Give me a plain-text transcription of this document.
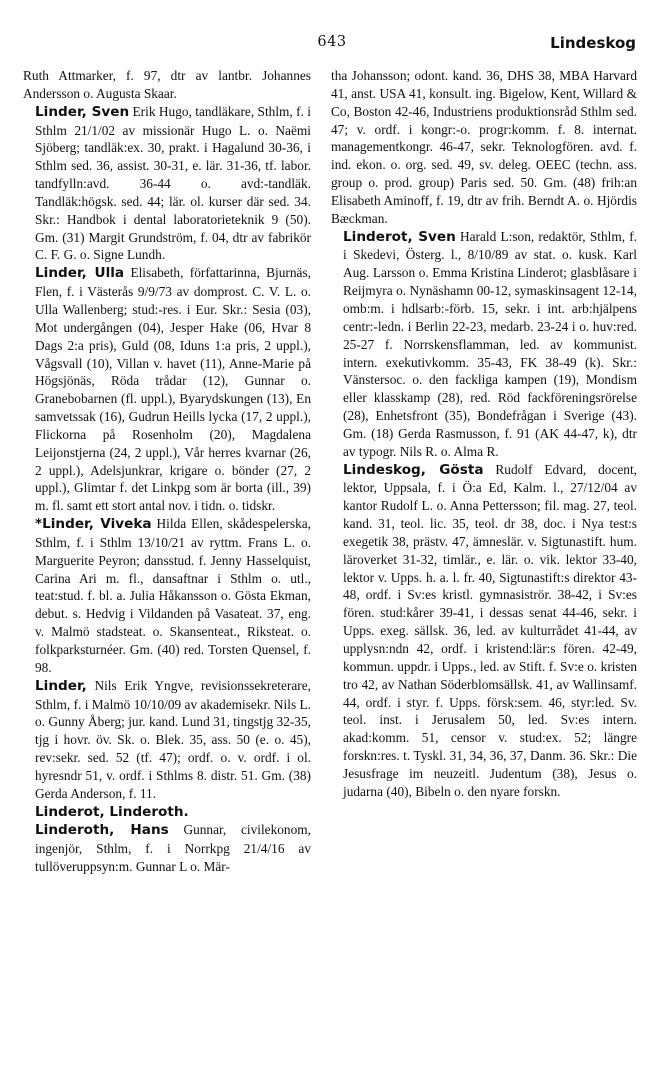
643	Lindeskog

Ruth Attmarker, f. 97, dtr av lantbr. Johannes Andersson o. Augusta Skaar.

Linder, Sven Erik Hugo, tandläkare, Sthlm, f. i Sthlm 21/1/02 av missionär Hugo L. o. Naëmi Sjöberg; tandläk:ex. 30, prakt. i Hagalund 30-36, i Sthlm sed. 36, assist. 30-31, e. lär. 31-36, tf. labor. tandfylln:avd. 36-44 o. avd:-tandläk. Tandläk:högsk. sed. 44; lär. ol. kurser där sed. 34. Skr.: Handbok i dental laboratorieteknik 9 (50). Gm. (31) Margit Grundström, f. 04, dtr av fabrikör C. F. G. o. Signe Lundh.

Linder, Ulla Elisabeth, författarinna, Bjurnäs, Flen, f. i Västerås 9/9/73 av domprost. C. V. L. o. Ulla Wallenberg; stud:-res. i Eur. Skr.: Sesia (03), Mot undergången (04), Jesper Hake (06, Hvar 8 Dags 2:a pris), Guld (08, Iduns 1:a pris, 2 uppl.), Vågsvall (10), Villan v. havet (11), Anne-Marie på Högsjönäs, Röda trådar (12), Gunnar o. Granebobarnen (fl. uppl.), Byarydskungen (13), En samvetssak (16), Gudrun Heills lycka (17, 2 uppl.), Flickorna på Rosenholm (20), Magdalena Leijonstjerna (24, 2 uppl.), Vår herres kvarnar (26, 2 uppl.), Adelsjunkrar, krigare o. bönder (27, 2 uppl.), Glimtar f. det Linkpg som är borta (ill., 39) m. fl. samt ett stort antal nov. i tidn. o. tidskr.

*Linder, Viveka Hilda Ellen, skådespelerska, Sthlm, f. i Sthlm 13/10/21 av ryttm. Frans L. o. Marguerite Peyron; dansstud. f. Jenny Hasselquist, Carina Ari m. fl., dansaftnar i Sthlm o. utl., teat:stud. f. bl. a. Julia Håkansson o. Gösta Ekman, debut. s. Hedvig i Vildanden på Vasateat. 37, eng. v. Malmö stadsteat. o. Skansenteat., Riksteat. o. folkparksturnéer. Gm. (40) red. Torsten Quensel, f. 98.

Linder, Nils Erik Yngve, revisionssekreterare, Sthlm, f. i Malmö 10/10/09 av akademisekr. Nils L. o. Gunny Åberg; jur. kand. Lund 31, tingstjg 32-35, tjg i hovr. öv. Sk. o. Blek. 35, ass. 50 (e. o. 45), rev:sekr. sed. 52 (tf. 47); ordf. o. v. ordf. i ol. hyresndr 51, v. ordf. i Sthlms 8. distr. 51. Gm. (38) Gerda Anderson, f. 11.

Linderot, Linderoth.

Linderoth, Hans Gunnar, civilekonom, ingenjör, Sthlm, f. i Norrkpg 21/4/16 av tullöveruppsyn:m. Gunnar L o. Mär-

tha Johansson; odont. kand. 36, DHS 38, MBA Harvard 41, anst. USA 41, konsult. ing. Bigelow, Kent, Willard & Co, Boston 42-46, Industriens produktionsråd Sthlm sed. 47; v. ordf. i kongr:-o. progr:komm. f. 8. internat. managementkongr. 46-47, sekr. Teknologfören. avd. f. ind. ekon. o. org. sed. 49, sv. deleg. OEEC (techn. ass. group o. prod. group) Paris sed. 50. Gm. (48) frih:an Elisabeth Aminoff, f. 19, dtr av frih. Berndt A. o. Hjördis Bæckman.

Linderot, Sven Harald L:son, redaktör, Sthlm, f. i Skedevi, Österg. l., 8/10/89 av stat. o. kusk. Karl Aug. Larsson o. Emma Kristina Linderot; glasblåsare i Reijmyra o. Nynäshamn 00-12, symaskinsagent 12-14, omb:m. i hdlsarb:-förb. 15, sekr. i int. arb:hjälpens centr:-ledn. i Berlin 22-23, medarb. 23-24 i o. huv:red. 25-27 f. Norrskensflamman, led. av kommunist. intern. exekutivkomm. 35-43, FK 38-49 (k). Skr.: Vänstersoc. o. den fackliga kampen (19), Mondism eller klasskamp (28), red. Röd fackföreningsrörelse (28), Enhetsfront (35), Bondefrågan i Sverige (43). Gm. (18) Gerda Rasmusson, f. 91 (AK 44-47, k), dtr av typogr. Nils R. o. Alma R.

Lindeskog, Gösta Rudolf Edvard, docent, lektor, Uppsala, f. i Ö:a Ed, Kalm. l., 27/12/04 av kantor Rudolf L. o. Anna Pettersson; fil. mag. 27, teol. kand. 31, teol. lic. 35, teol. dr 38, doc. i Nya test:s exegetik 38, prästv. 47, ämneslär. v. Sigtunastift. hum. läroverket 31-32, timlär., e. lär. o. vik. lektor 33-40, lektor v. Upps. h. a. l. fr. 40, Sigtunastift:s direktor 43-48, ordf. i Sv:es kristl. gymnasiströr. 38-42, i Sv:es fören. stud:kårer 39-41, i dessas senat 44-46, sekr. i Upps. exeg. sällsk. 36, led. av kulturrådet 41-44, av upplysn:ndn 42, ordf. i kristend:lär:s fören. 42-49, kommun. uppdr. i Upps., led. av Stift. f. Sv:e o. kristen tro 42, av Nathan Söderblomsällsk. 41, av Wallinsamf. 44, ordf. i styr. f. Upps. försk:sem. 46, styr:led. Sv. teol. inst. i Jerusalem 50, led. Sv:es intern. akad:komm. 51, censor v. stud:ex. 52; längre forskn:res. t. Tyskl. 31, 34, 36, 37, Danm. 36. Skr.: Die Jesusfrage im neuzeitl. Judentum (38), Jesus o. judarna (40), Bibeln o. den nyare forskn.
